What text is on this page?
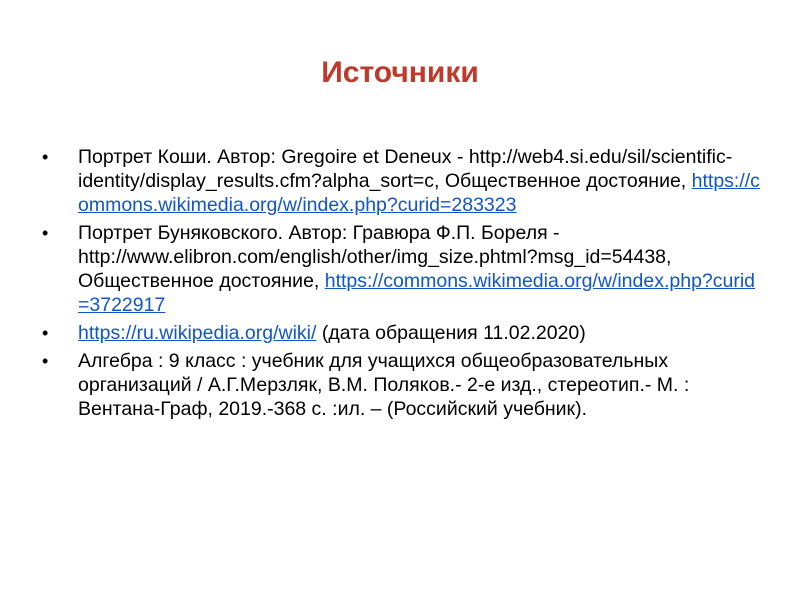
Источники
• Портрет Коши. Автор: Gregoire et Deneux - http://web4.si.edu/sil/scientific-identity/display_results.cfm?alpha_sort=c, Общественное достояние, https://commons.wikimedia.org/w/index.php?curid=283323
• Портрет Буняковского. Автор: Гравюра Ф.П. Бореля - http://www.elibron.com/english/other/img_size.phtml?msg_id=54438, Общественное достояние, https://commons.wikimedia.org/w/index.php?curid=3722917
• https://ru.wikipedia.org/wiki/ (дата обращения 11.02.2020)
• Алгебра : 9 класс : учебник для учащихся общеобразовательных организаций / А.Г.Мерзляк, В.М. Поляков.- 2-е изд., стереотип.- М. : Вентана-Граф, 2019.-368 с. :ил. – (Российский учебник).
